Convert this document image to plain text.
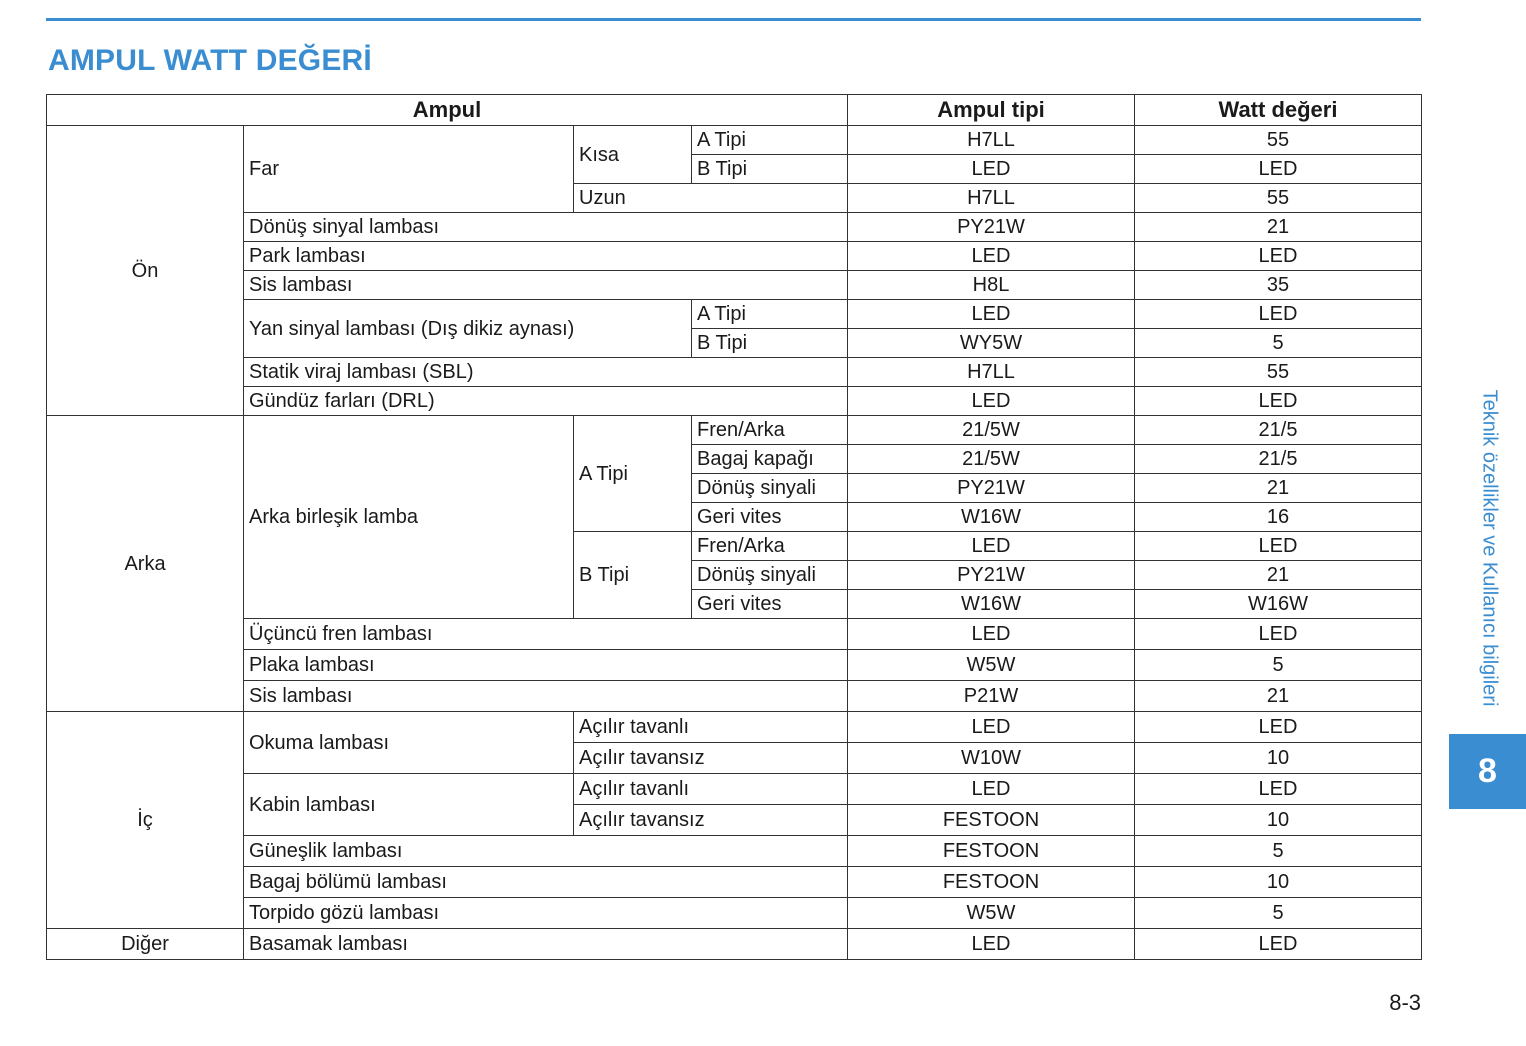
AMPUL WATT DEĞERİ
Ampul				Ampul tipi	Watt değeri
Ön	Far	Kısa	A Tipi	H7LL	55
			B Tipi	LED	LED
		Uzun		H7LL	55
	Dönüş sinyal lambası			PY21W	21
	Park lambası			LED	LED
	Sis lambası			H8L	35
	Yan sinyal lambası (Dış dikiz aynası)		A Tipi	LED	LED
			B Tipi	WY5W	5
	Statik viraj lambası (SBL)			H7LL	55
	Gündüz farları (DRL)			LED	LED
Arka	Arka birleşik lamba	A Tipi	Fren/Arka	21/5W	21/5
			Bagaj kapağı	21/5W	21/5
			Dönüş sinyali	PY21W	21
			Geri vites	W16W	16
		B Tipi	Fren/Arka	LED	LED
			Dönüş sinyali	PY21W	21
			Geri vites	W16W	W16W
	Üçüncü fren lambası			LED	LED
	Plaka lambası			W5W	5
	Sis lambası			P21W	21
İç	Okuma lambası	Açılır tavanlı		LED	LED
		Açılır tavansız		W10W	10
	Kabin lambası	Açılır tavanlı		LED	LED
		Açılır tavansız		FESTOON	10
	Güneşlik lambası			FESTOON	5
	Bagaj bölümü lambası			FESTOON	10
	Torpido gözü lambası			W5W	5
Diğer	Basamak lambası			LED	LED
Teknik özellikler ve Kullanıcı bilgileri
8
8-3
